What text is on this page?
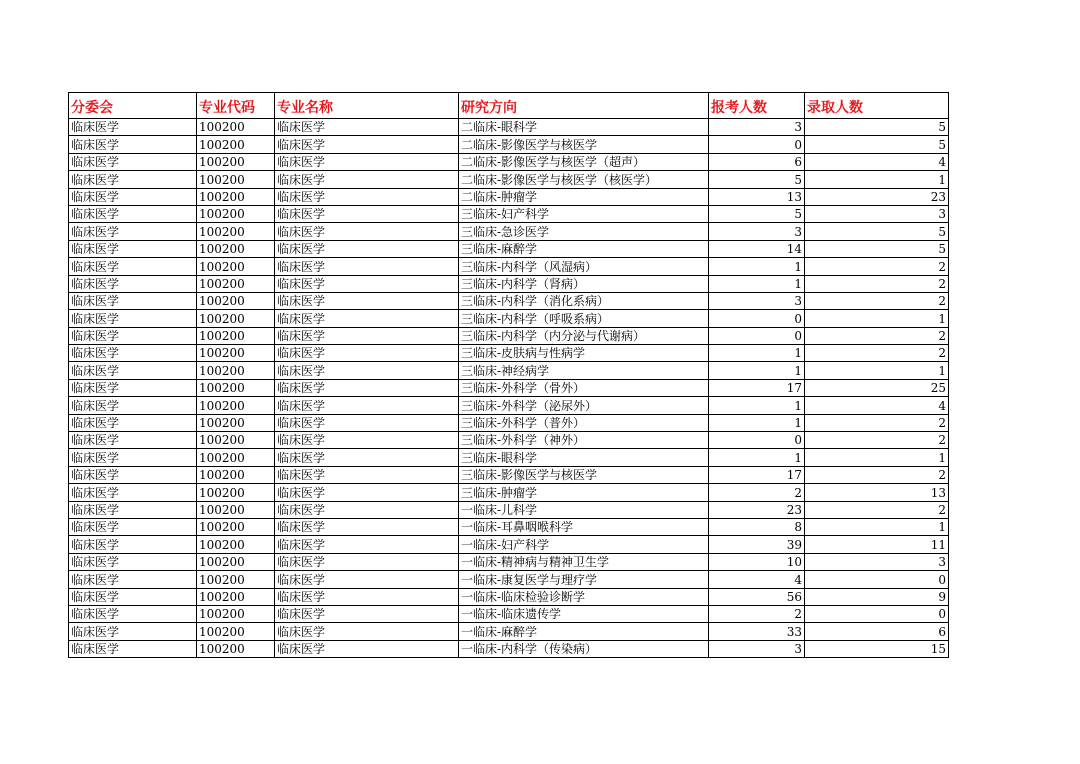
分委会	专业代码	专业名称	研究方向	报考人数	录取人数
临床医学	100200	临床医学	二临床-眼科学	3	5
临床医学	100200	临床医学	二临床-影像医学与核医学	0	5
临床医学	100200	临床医学	二临床-影像医学与核医学（超声）	6	4
临床医学	100200	临床医学	二临床-影像医学与核医学（核医学）	5	1
临床医学	100200	临床医学	二临床-肿瘤学	13	23
临床医学	100200	临床医学	三临床-妇产科学	5	3
临床医学	100200	临床医学	三临床-急诊医学	3	5
临床医学	100200	临床医学	三临床-麻醉学	14	5
临床医学	100200	临床医学	三临床-内科学（风湿病）	1	2
临床医学	100200	临床医学	三临床-内科学（肾病）	1	2
临床医学	100200	临床医学	三临床-内科学（消化系病）	3	2
临床医学	100200	临床医学	三临床-内科学（呼吸系病）	0	1
临床医学	100200	临床医学	三临床-内科学（内分泌与代谢病）	0	2
临床医学	100200	临床医学	三临床-皮肤病与性病学	1	2
临床医学	100200	临床医学	三临床-神经病学	1	1
临床医学	100200	临床医学	三临床-外科学（骨外）	17	25
临床医学	100200	临床医学	三临床-外科学（泌尿外）	1	4
临床医学	100200	临床医学	三临床-外科学（普外）	1	2
临床医学	100200	临床医学	三临床-外科学（神外）	0	2
临床医学	100200	临床医学	三临床-眼科学	1	1
临床医学	100200	临床医学	三临床-影像医学与核医学	17	2
临床医学	100200	临床医学	三临床-肿瘤学	2	13
临床医学	100200	临床医学	一临床-儿科学	23	2
临床医学	100200	临床医学	一临床-耳鼻咽喉科学	8	1
临床医学	100200	临床医学	一临床-妇产科学	39	11
临床医学	100200	临床医学	一临床-精神病与精神卫生学	10	3
临床医学	100200	临床医学	一临床-康复医学与理疗学	4	0
临床医学	100200	临床医学	一临床-临床检验诊断学	56	9
临床医学	100200	临床医学	一临床-临床遗传学	2	0
临床医学	100200	临床医学	一临床-麻醉学	33	6
临床医学	100200	临床医学	一临床-内科学（传染病）	3	15
